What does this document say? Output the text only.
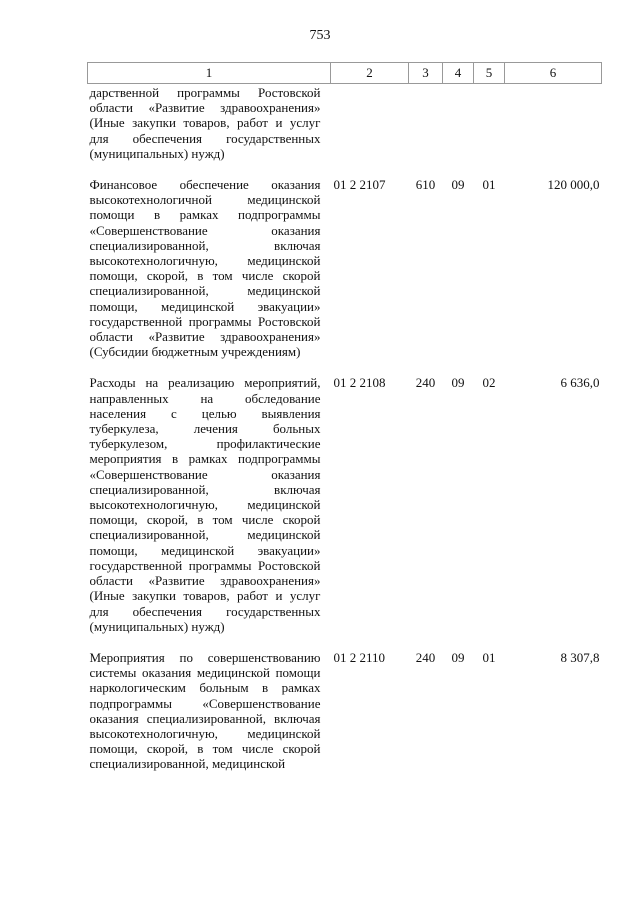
753
1	2	3	4	5	6
дарственной программы Ростовской области «Развитие здравоохранения» (Иные закупки товаров, работ и услуг для обеспечения государственных (муниципальных) нужд)					
Финансовое обеспечение оказания высокотехнологичной медицинской помощи в рамках подпрограммы «Совершенствование оказания специализированной, включая высокотехнологичную, медицинской помощи, скорой, в том числе скорой специализированной, медицинской помощи, медицинской эвакуации» государственной программы Ростовской области «Развитие здравоохранения» (Субсидии бюджетным учреждениям)	01 2 2107	610	09	01	120 000,0
Расходы на реализацию мероприятий, направленных на обследование населения с целью выявления туберкулеза, лечения больных туберкулезом, профилактические мероприятия в рамках подпрограммы «Совершенствование оказания специализированной, включая высокотехнологичную, медицинской помощи, скорой, в том числе скорой специализированной, медицинской помощи, медицинской эвакуации» государственной программы Ростовской области «Развитие здравоохранения» (Иные закупки товаров, работ и услуг для обеспечения государственных (муниципальных) нужд)	01 2 2108	240	09	02	6 636,0
Мероприятия по совершенствованию системы оказания медицинской помощи наркологическим больным в рамках подпрограммы «Совершенствование оказания специализированной, включая высокотехнологичную, медицинской помощи, скорой, в том числе скорой специализированной, медицинской	01 2 2110	240	09	01	8 307,8
